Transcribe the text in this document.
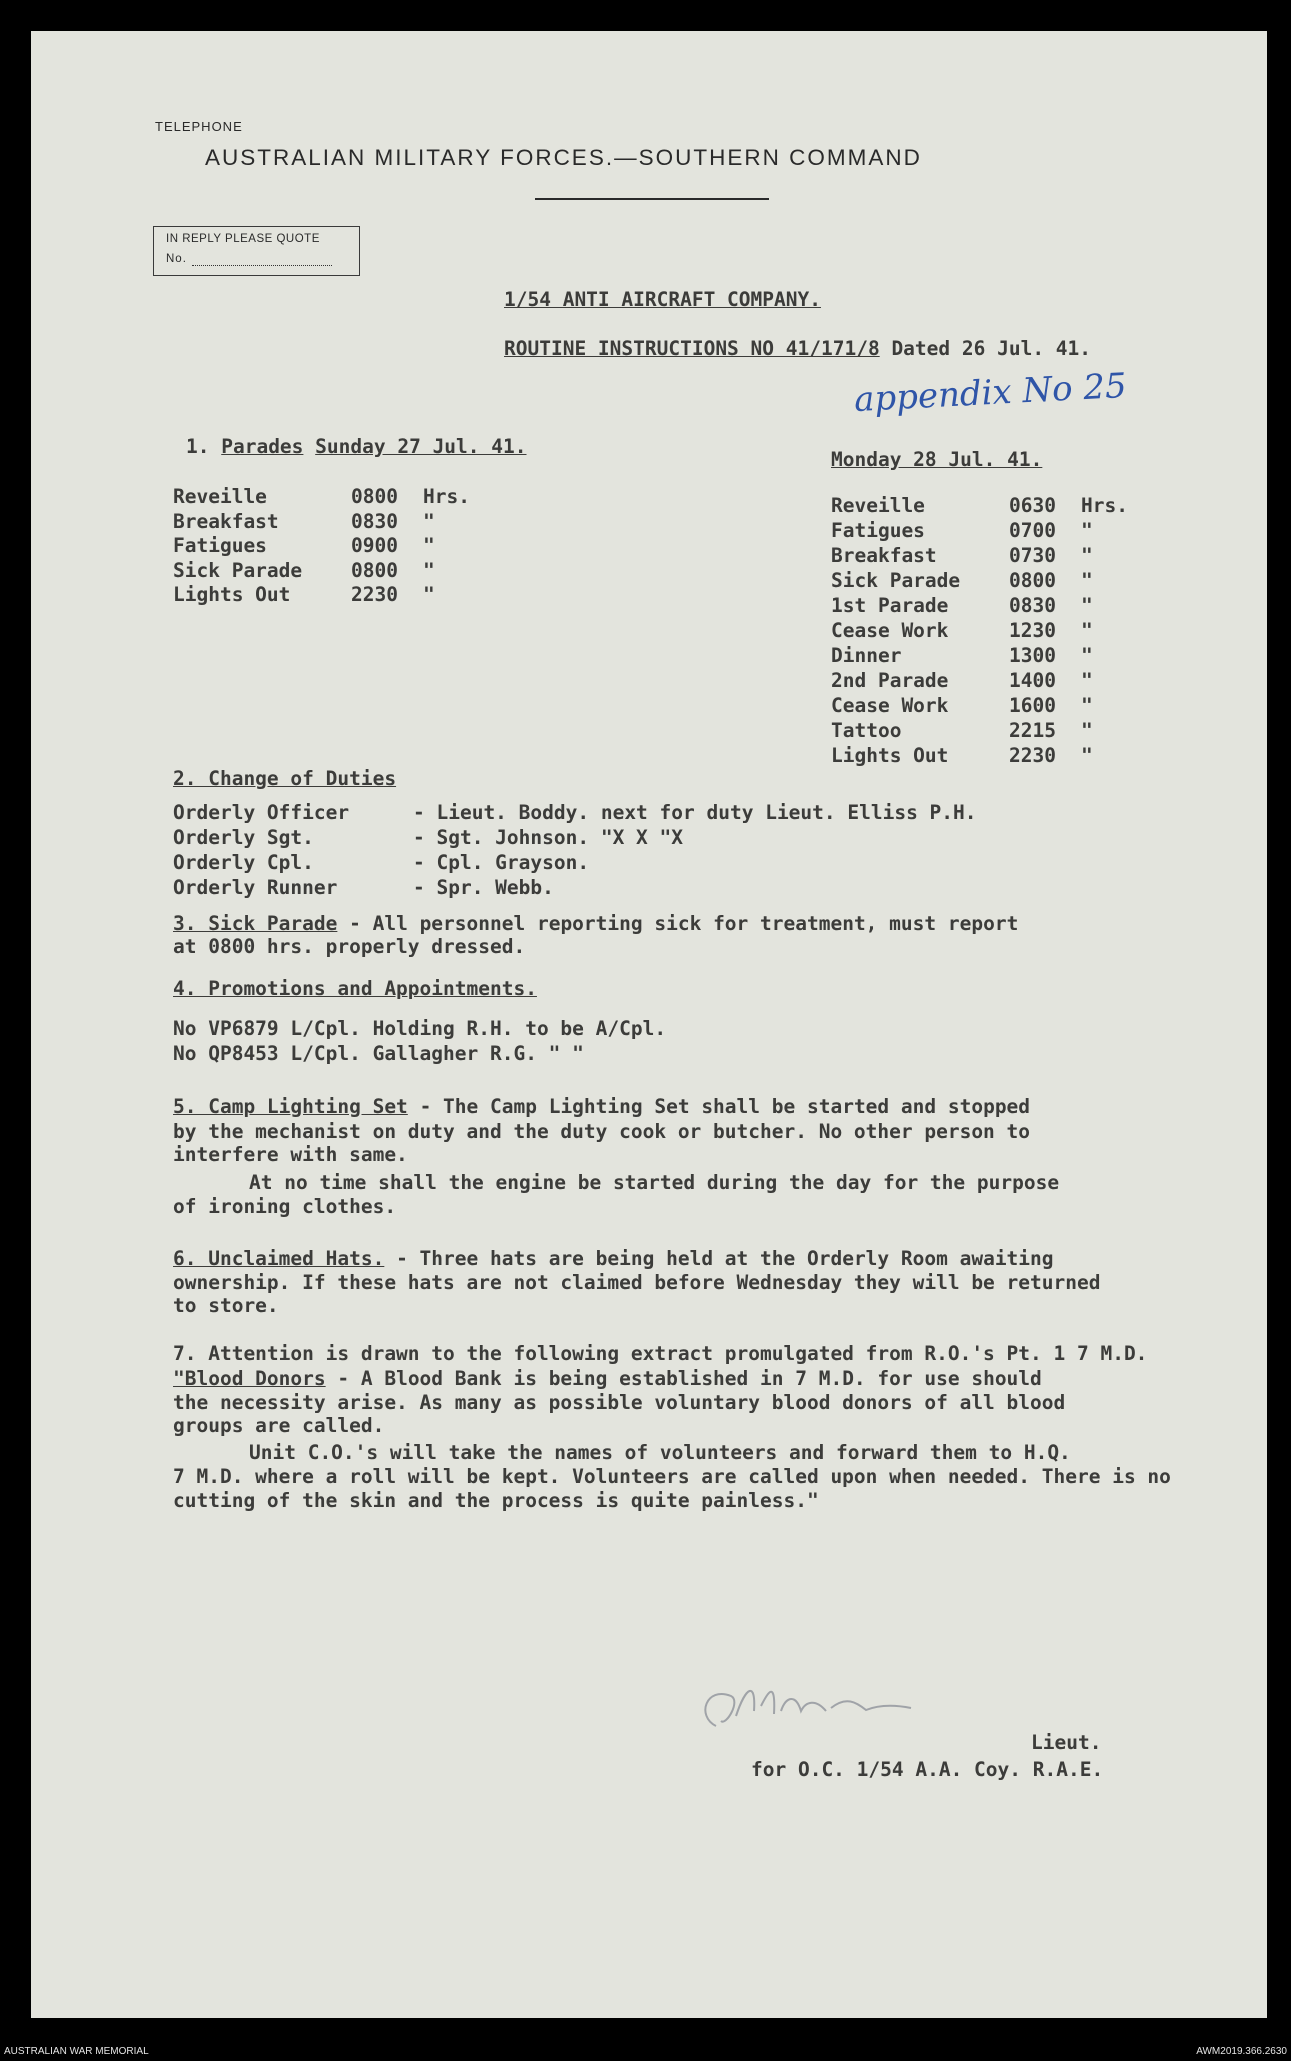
TELEPHONE
AUSTRALIAN MILITARY FORCES.—SOUTHERN COMMAND
IN REPLY PLEASE QUOTE
No.
1/54 ANTI AIRCRAFT COMPANY.
ROUTINE INSTRUCTIONS NO 41/171/8 Dated 26 Jul. 41.
appendix No 25
1. Parades Sunday 27 Jul. 41.
Monday 28 Jul. 41.
Reveille	0800	Hrs.
Breakfast	0830	"
Fatigues	0900	"
Sick Parade	0800	"
Lights Out	2230	"
Reveille	0630	Hrs.
Fatigues	0700	"
Breakfast	0730	"
Sick Parade	0800	"
1st Parade	0830	"
Cease Work	1230	"
Dinner	1300	"
2nd Parade	1400	"
Cease Work	1600	"
Tattoo	2215	"
Lights Out	2230	"
2. Change of Duties
Orderly Officer	- Lieut. Boddy. next for duty Lieut. Elliss P.H.
Orderly Sgt.	- Sgt. Johnson. "X X "X
Orderly Cpl.	- Cpl. Grayson.
Orderly Runner	- Spr. Webb.
3. Sick Parade - All personnel reporting sick for treatment, must report
at 0800 hrs. properly dressed.
4. Promotions and Appointments.
No VP6879 L/Cpl. Holding R.H. to be A/Cpl.
No QP8453 L/Cpl. Gallagher R.G. " "
5. Camp Lighting Set - The Camp Lighting Set shall be started and stopped
by the mechanist on duty and the duty cook or butcher. No other person to
interfere with same.
At no time shall the engine be started during the day for the purpose
of ironing clothes.
6. Unclaimed Hats. - Three hats are being held at the Orderly Room awaiting
ownership. If these hats are not claimed before Wednesday they will be returned
to store.
7. Attention is drawn to the following extract promulgated from R.O.'s Pt. 1 7 M.D.
"Blood Donors - A Blood Bank is being established in 7 M.D. for use should
the necessity arise. As many as possible voluntary blood donors of all blood
groups are called.
Unit C.O.'s will take the names of volunteers and forward them to H.Q.
7 M.D. where a roll will be kept. Volunteers are called upon when needed. There is no
cutting of the skin and the process is quite painless."
Lieut.
for O.C. 1/54 A.A. Coy. R.A.E.
AUSTRALIAN WAR MEMORIAL	AWM2019.366.2630
